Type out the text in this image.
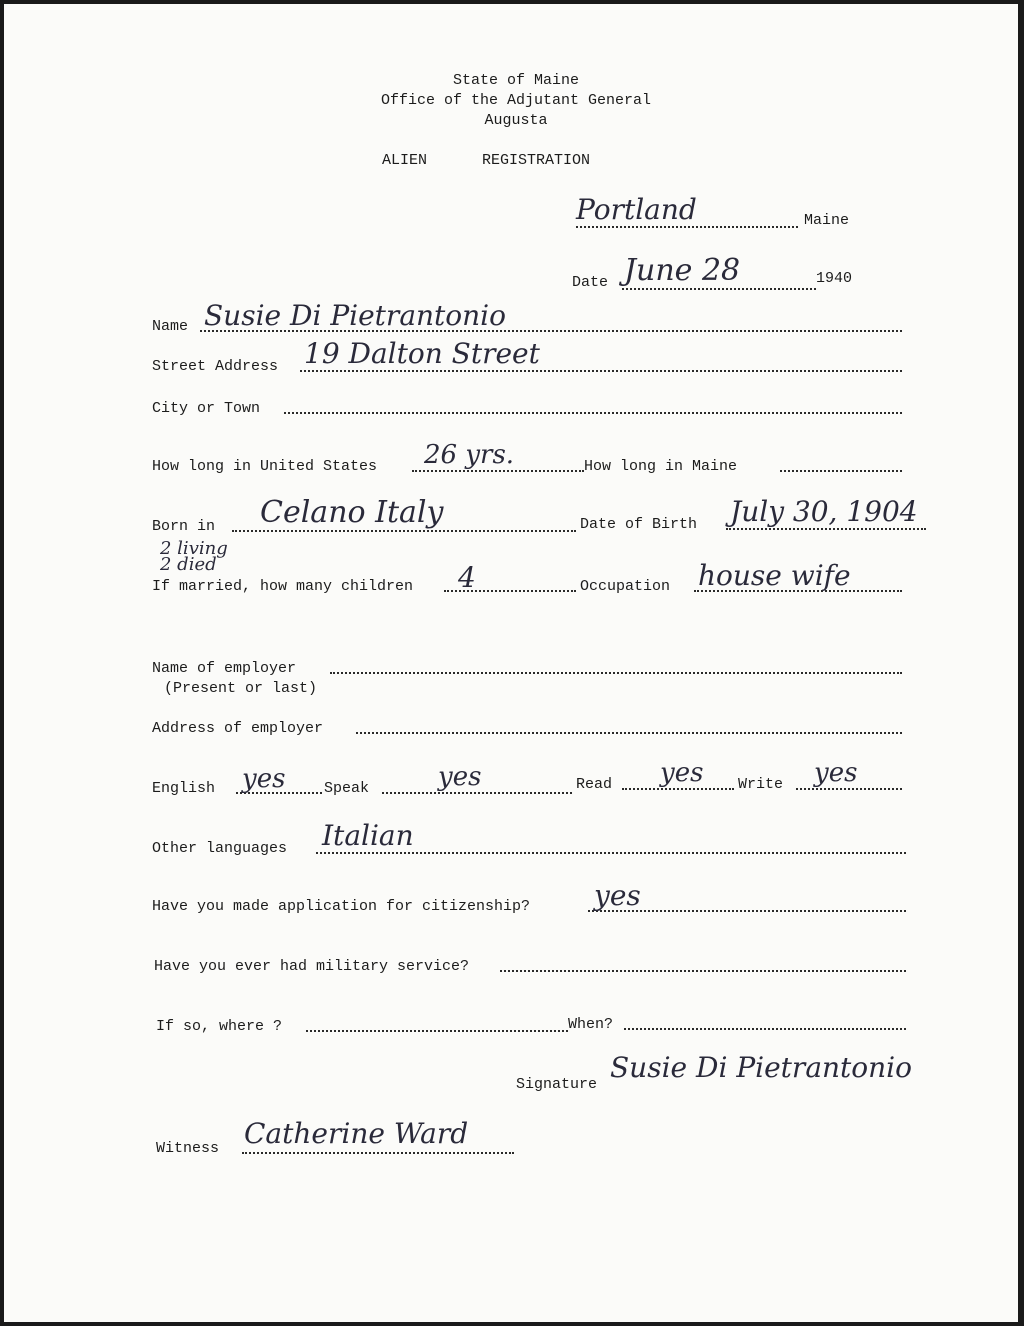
State of Maine
Office of the Adjutant General
Augusta
ALIEN	REGISTRATION
Portland	Maine
Date June 28	1940
Name Susie Di Pietrantonio
Street Address 19 Dalton Street
City or Town
How long in United States 26 yrs.	How long in Maine
Born in Celano Italy	Date of Birth July 30, 1904
2 living
2 died
If married, how many children 4	Occupation house wife
Name of employer
(Present or last)
Address of employer
English yes	Speak	yes	Read yes Write yes
Other languages Italian
Have you made application for citizenship? yes
Have you ever had military service?
If so, where ?	When?
Signature
Susie Di Pietrantonio
Witness Catherine Ward
